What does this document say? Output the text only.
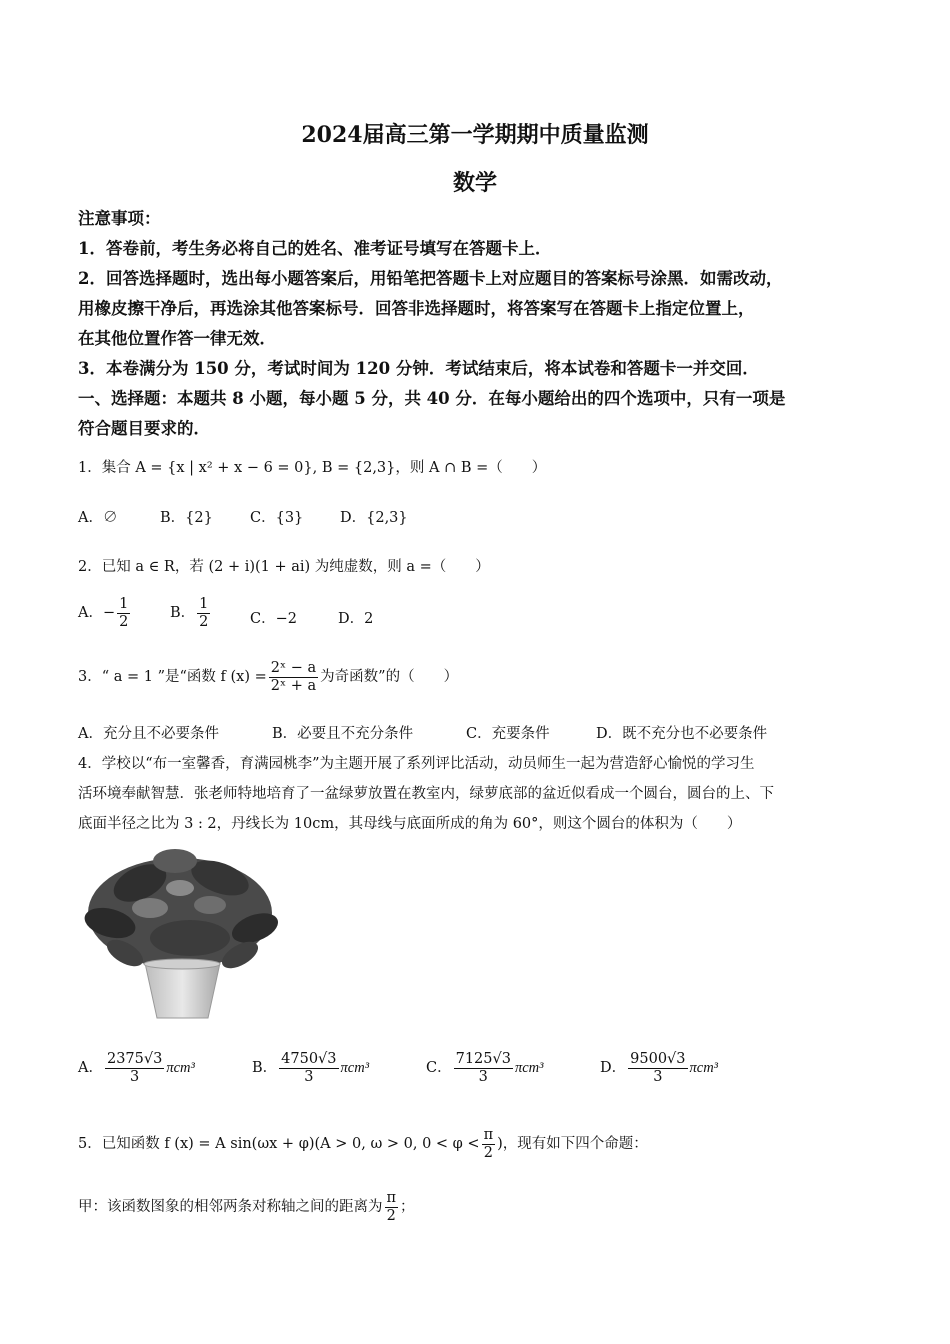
2024届高三第一学期期中质量监测
数学
注意事项：
1．答卷前，考生务必将自己的姓名、准考证号填写在答题卡上．
2．回答选择题时，选出每小题答案后，用铅笔把答题卡上对应题目的答案标号涂黑．如需改动，
用橡皮擦干净后，再选涂其他答案标号．回答非选择题时，将答案写在答题卡上指定位置上，
在其他位置作答一律无效．
3．本卷满分为 150 分，考试时间为 120 分钟．考试结束后，将本试卷和答题卡一并交回．
一、选择题：本题共 8 小题，每小题 5 分，共 40 分．在每小题给出的四个选项中，只有一项是
符合题目要求的．
1．集合 A = {x | x² + x − 6 = 0}, B = {2,3}，则 A ∩ B =（　　）
A．∅	B．{2}	C．{3}	D．{2,3}
2．已知 a ∈ R，若 (2 + i)(1 + ai) 为纯虚数，则 a =（　　）
A．− $\frac{1}{2}$	B． $\frac{1}{2}$	C．−2	D．2
3．“ a = 1 ”是“函数 f $(x) = \frac{\text{2ˣ − a}}{\text{2ˣ + a}}$ 为奇函数”的（　　）
A．充分且不必要条件	B．必要且不充分条件	C．充要条件	D．既不充分也不必要条件
4．学校以“布一室馨香，育满园桃李”为主题开展了系列评比活动，动员师生一起为营造舒心愉悦的学习生
活环境奉献智慧．张老师特地培育了一盆绿萝放置在教室内，绿萝底部的盆近似看成一个圆台，圆台的上、下
底面半径之比为 3 : 2，丹线长为 10cm，其母线与底面所成的角为 60°，则这个圆台的体积为（　　）
A． $\frac{2375√3}{3} \pi cm^3$	B． $\frac{4750√3}{3} \pi cm^3$	C． $\frac{7125√3}{3} \pi cm^3$	D． $\frac{9500√3}{3} \pi cm^3$
5．已知函数 f (x) = A sin(ωx + φ)(A > 0, ω > 0, $0 < \varphi < \frac{\pi}{2}$ )，现有如下四个命题：
甲：该函数图象的相邻两条对称轴之间的距离为 $\frac{\pi}{2}$ ；
